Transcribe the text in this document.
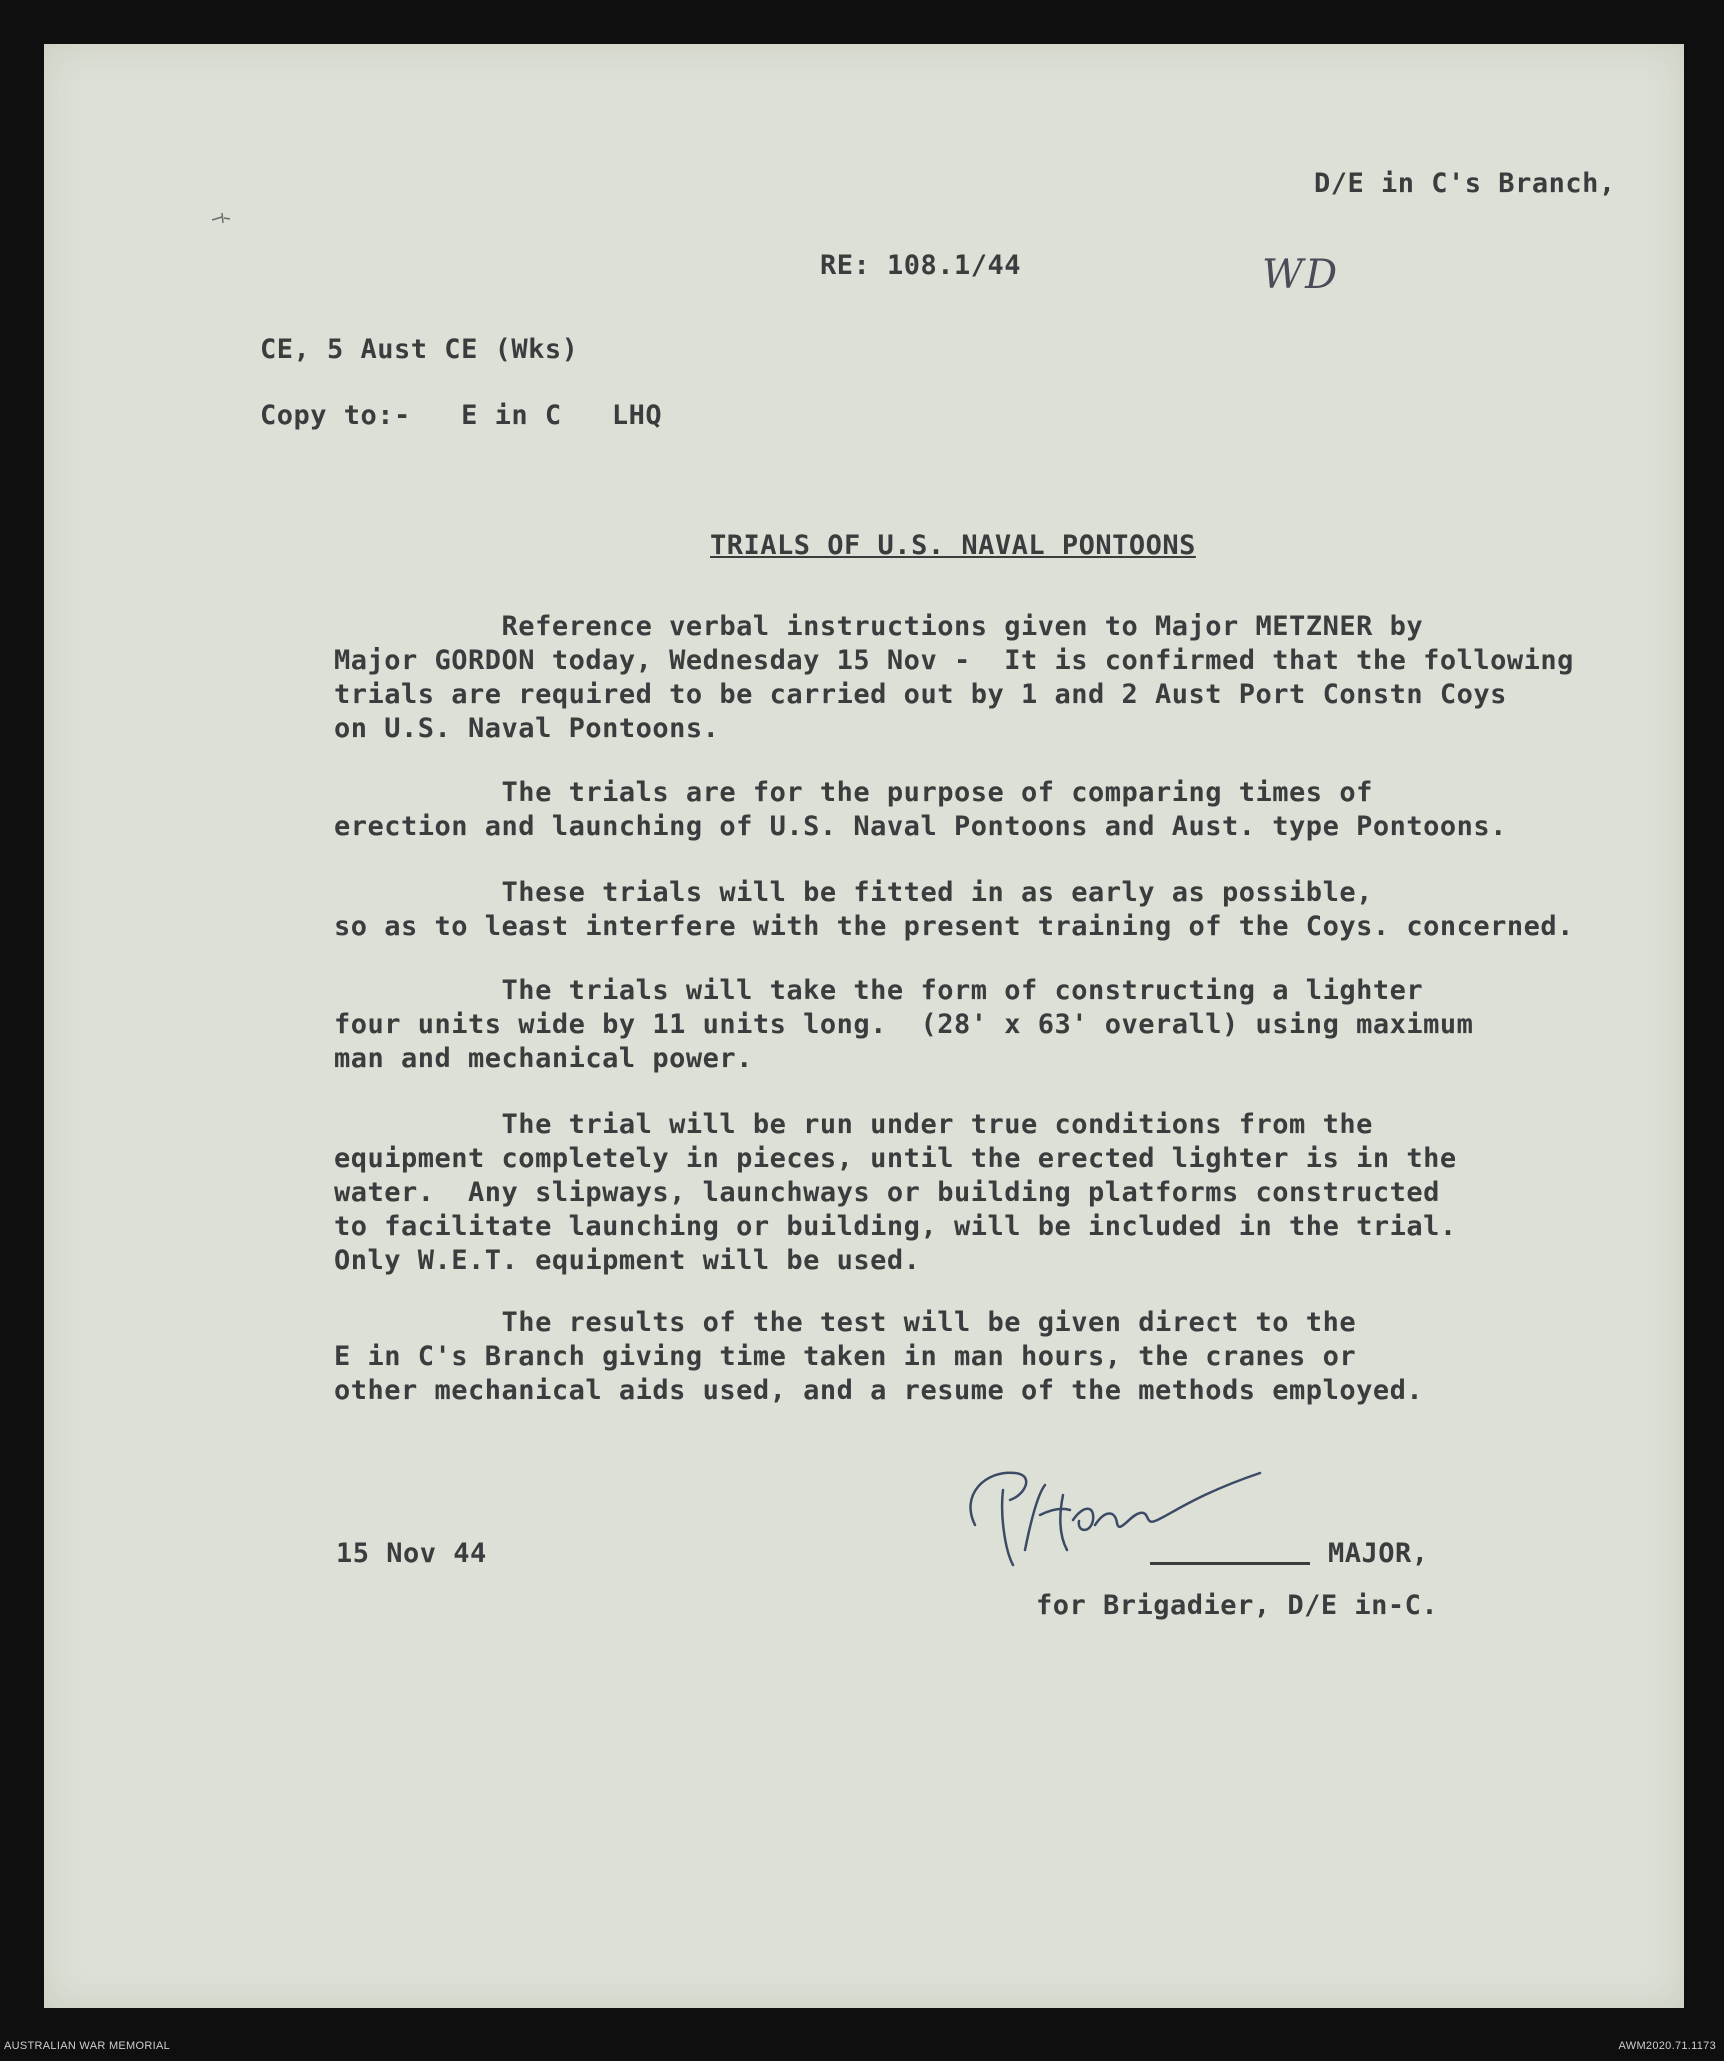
D/E in C's Branch,
RE: 108.1/44	WD
CE, 5 Aust CE (Wks)
Copy to:-   E in C   LHQ
TRIALS OF U.S. NAVAL PONTOONS
Reference verbal instructions given to Major METZNER by
Major GORDON today, Wednesday 15 Nov -  It is confirmed that the following
trials are required to be carried out by 1 and 2 Aust Port Constn Coys
on U.S. Naval Pontoons.
The trials are for the purpose of comparing times of
erection and launching of U.S. Naval Pontoons and Aust. type Pontoons.
These trials will be fitted in as early as possible,
so as to least interfere with the present training of the Coys. concerned.
The trials will take the form of constructing a lighter
four units wide by 11 units long.  (28' x 63' overall) using maximum
man and mechanical power.
The trial will be run under true conditions from the
equipment completely in pieces, until the erected lighter is in the
water.  Any slipways, launchways or building platforms constructed
to facilitate launching or building, will be included in the trial.
Only W.E.T. equipment will be used.
The results of the test will be given direct to the
E in C's Branch giving time taken in man hours, the cranes or
other mechanical aids used, and a resume of the methods employed.
15 Nov 44	MAJOR,
for Brigadier, D/E in-C.
AUSTRALIAN WAR MEMORIAL	AWM2020.71.1173
